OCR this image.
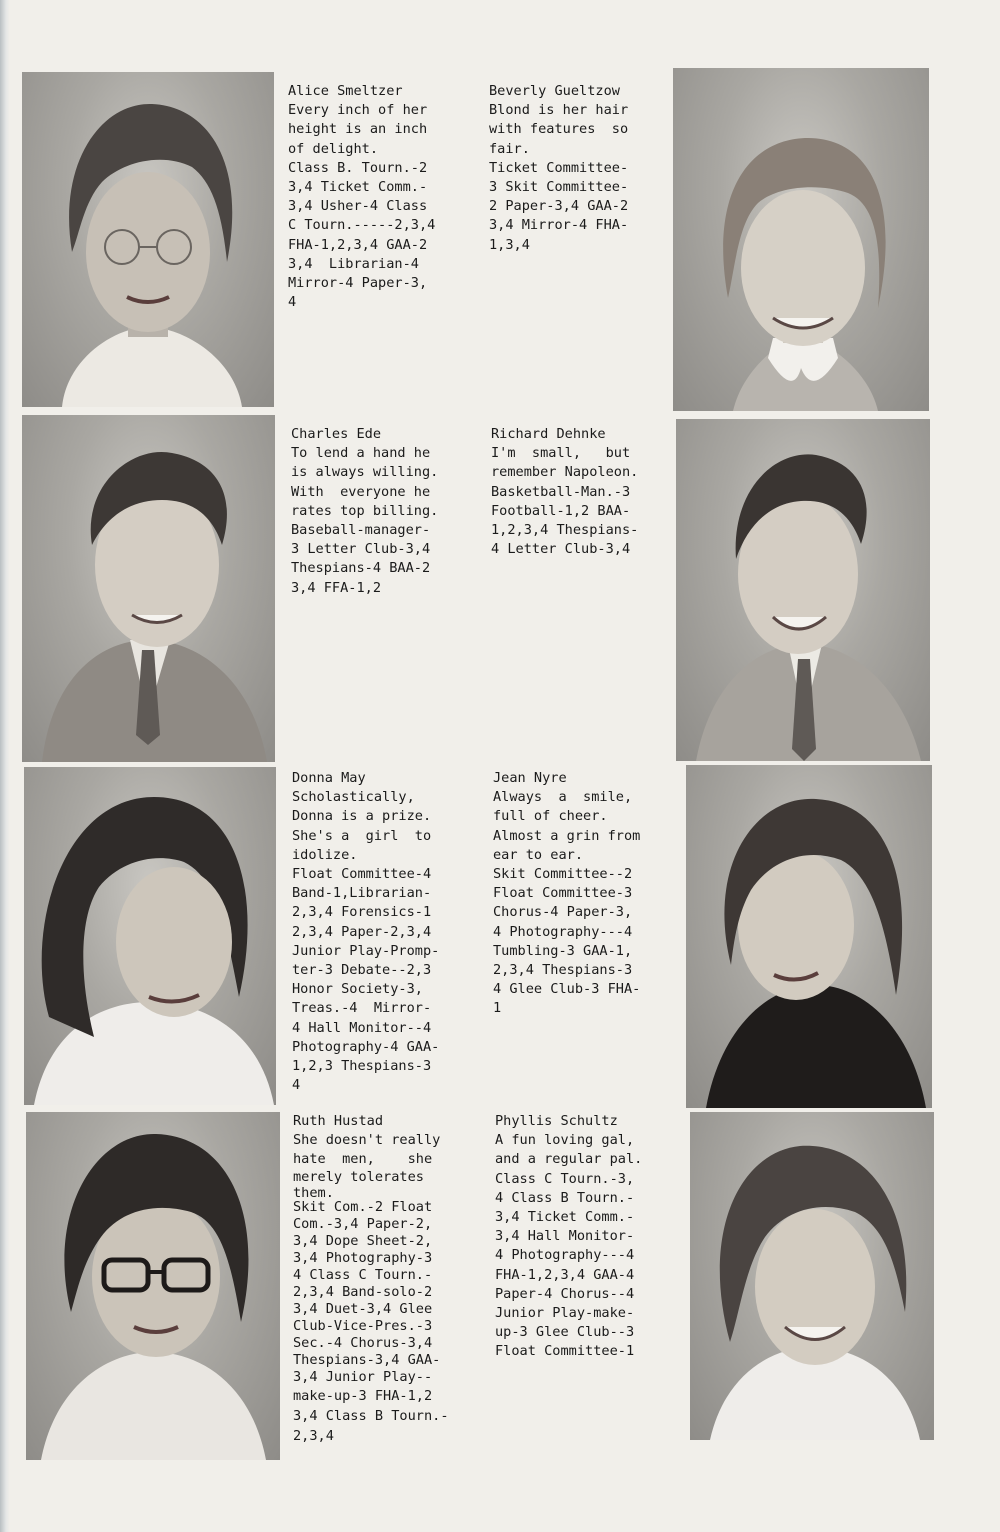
Alice Smeltzer
Every inch of her
height is an inch
of delight.
Class B. Tourn.-2
3,4 Ticket Comm.-
3,4 Usher-4 Class
C Tourn.-----2,3,4
FHA-1,2,3,4 GAA-2
3,4  Librarian-4
Mirror-4 Paper-3,
4
Beverly Gueltzow
Blond is her hair
with features  so
fair.
Ticket Committee-
3 Skit Committee-
2 Paper-3,4 GAA-2
3,4 Mirror-4 FHA-
1,3,4
Charles Ede
To lend a hand he
is always willing.
With  everyone he
rates top billing.
Baseball-manager-
3 Letter Club-3,4
Thespians-4 BAA-2
3,4 FFA-1,2
Richard Dehnke
I'm  small,   but
remember Napoleon.
Basketball-Man.-3
Football-1,2 BAA-
1,2,3,4 Thespians-
4 Letter Club-3,4
Donna May
Scholastically,
Donna is a prize.
She's a  girl  to
idolize.
Float Committee-4
Band-1,Librarian-
2,3,4 Forensics-1
2,3,4 Paper-2,3,4
Junior Play-Promp-
ter-3 Debate--2,3
Honor Society-3,
Treas.-4  Mirror-
4 Hall Monitor--4
Photography-4 GAA-
1,2,3 Thespians-3
4
Jean Nyre
Always  a  smile,
full of cheer.
Almost a grin from
ear to ear.
Skit Committee--2
Float Committee-3
Chorus-4 Paper-3,
4 Photography---4
Tumbling-3 GAA-1,
2,3,4 Thespians-3
4 Glee Club-3 FHA-
1
Ruth Hustad
She doesn't really
hate  men,    she
merely tolerates
them.
Skit Com.-2 Float
Com.-3,4 Paper-2,
3,4 Dope Sheet-2,
3,4 Photography-3
4 Class C Tourn.-
2,3,4 Band-solo-2
3,4 Duet-3,4 Glee
Club-Vice-Pres.-3
Sec.-4 Chorus-3,4
Thespians-3,4 GAA-
3,4 Junior Play--
make-up-3 FHA-1,2
3,4 Class B Tourn.-
2,3,4
Phyllis Schultz
A fun loving gal,
and a regular pal.
Class C Tourn.-3,
4 Class B Tourn.-
3,4 Ticket Comm.-
3,4 Hall Monitor-
4 Photography---4
FHA-1,2,3,4 GAA-4
Paper-4 Chorus--4
Junior Play-make-
up-3 Glee Club--3
Float Committee-1
